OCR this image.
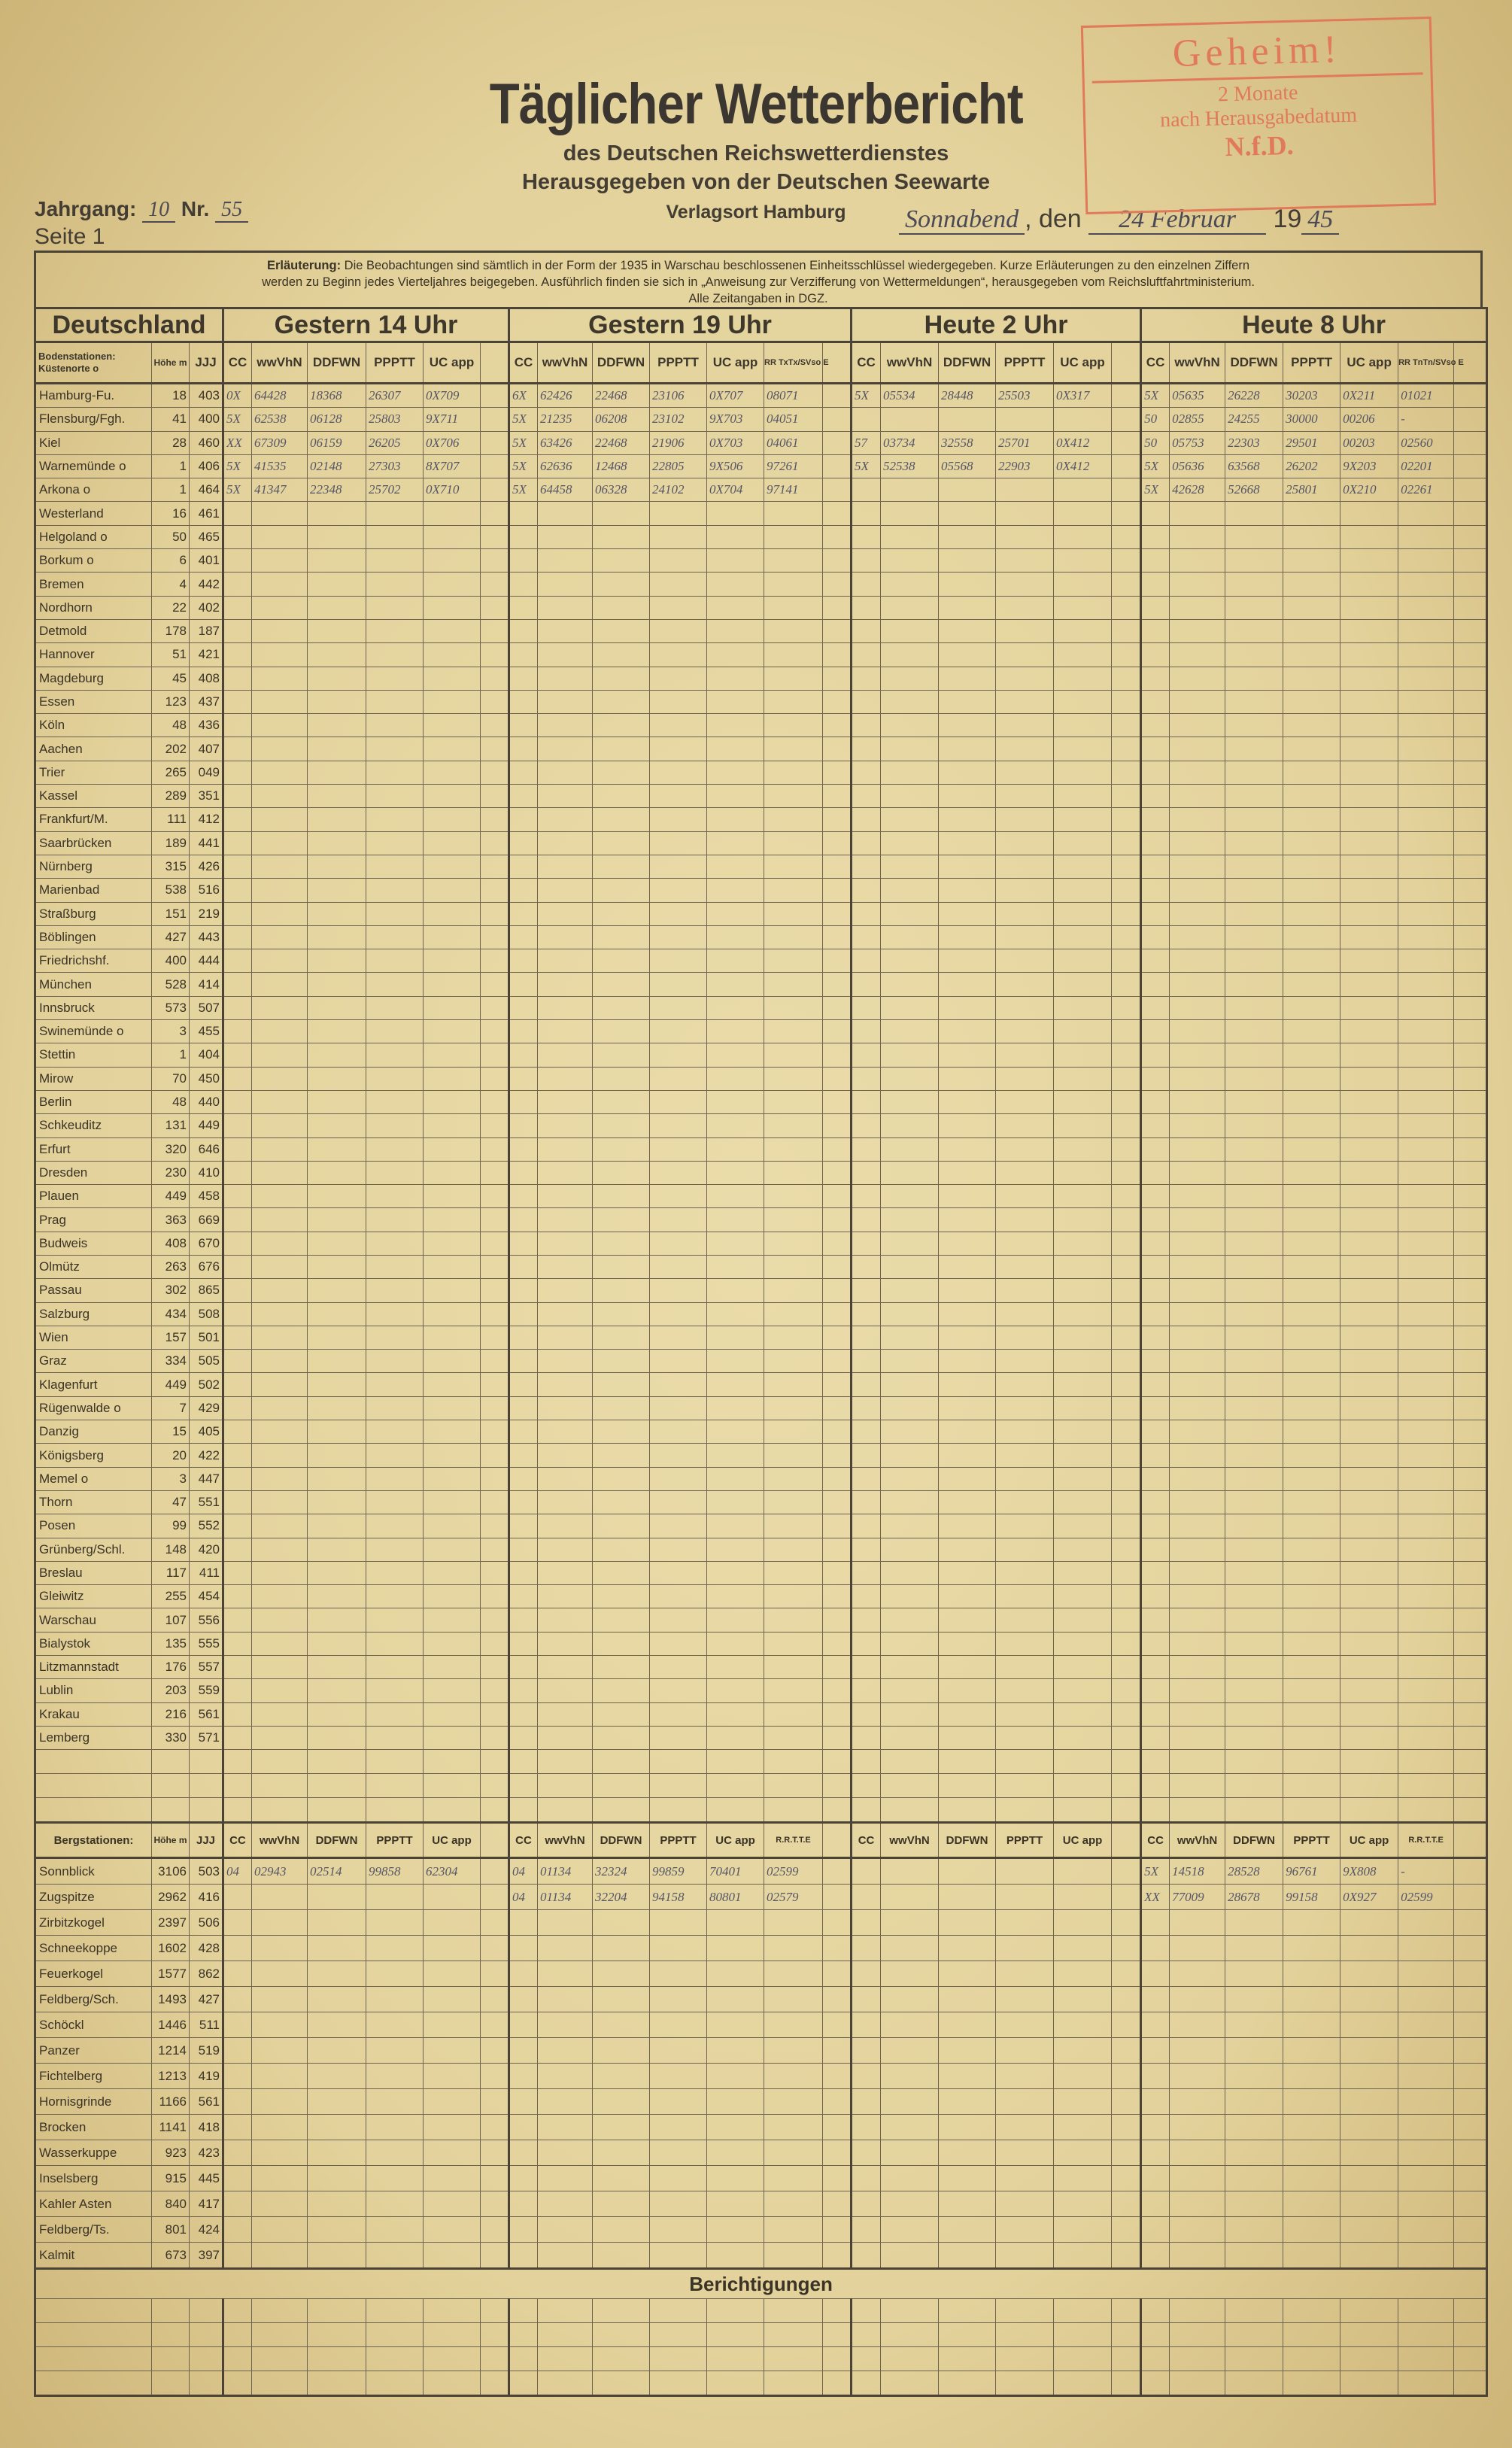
Täglicher Wetterbericht
des Deutschen Reichswetterdienstes
Herausgegeben von der Deutschen Seewarte
Verlagsort Hamburg
Jahrgang: 10 Nr. 55
Seite 1
Sonnabend , den 24 Februar 19 45
Geheim!
2 Monate
nach Herausgabedatum
N.f.D.
Erläuterung: Die Beobachtungen sind sämtlich in der Form der 1935 in Warschau beschlossenen Einheitsschlüssel wiedergegeben. Kurze Erläuterungen zu den einzelnen Ziffern
werden zu Beginn jedes Vierteljahres beigegeben. Ausführlich finden sie sich in „Anweisung zur Verzifferung von Wettermeldungen“, herausgegeben vom Reichsluftfahrtministerium.
Alle Zeitangaben in DGZ.
Deutschland			Gestern 14 Uhr						Gestern 19 Uhr							Heute 2 Uhr						Heute 8 Uhr						
Bodenstationen:
Küstenorte o	Höhe m	JJJ	CC	wwVhN	DDFWN	PPPTT	UC app		CC	wwVhN	DDFWN	PPPTT	UC app	RR TxTx/SVso E		CC	wwVhN	DDFWN	PPPTT	UC app		CC	wwVhN	DDFWN	PPPTT	UC app	RR TnTn/SVso E	
Hamburg-Fu.	18	403	0X	64428	18368	26307	0X709		6X	62426	22468	23106	0X707	08071		5X	05534	28448	25503	0X317		5X	05635	26228	30203	0X211	01021	
Flensburg/Fgh.	41	400	5X	62538	06128	25803	9X711		5X	21235	06208	23102	9X703	04051								50	02855	24255	30000	00206	-	
Kiel	28	460	XX	67309	06159	26205	0X706		5X	63426	22468	21906	0X703	04061		57	03734	32558	25701	0X412		50	05753	22303	29501	00203	02560	
Warnemünde o	1	406	5X	41535	02148	27303	8X707		5X	62636	12468	22805	9X506	97261		5X	52538	05568	22903	0X412		5X	05636	63568	26202	9X203	02201	
Arkona o	1	464	5X	41347	22348	25702	0X710		5X	64458	06328	24102	0X704	97141								5X	42628	52668	25801	0X210	02261	
Westerland	16	461																										
Helgoland o	50	465																										
Borkum o	6	401																										
Bremen	4	442																										
Nordhorn	22	402																										
Detmold	178	187																										
Hannover	51	421																										
Magdeburg	45	408																										
Essen	123	437																										
Köln	48	436																										
Aachen	202	407																										
Trier	265	049																										
Kassel	289	351																										
Frankfurt/M.	111	412																										
Saarbrücken	189	441																										
Nürnberg	315	426																										
Marienbad	538	516																										
Straßburg	151	219																										
Böblingen	427	443																										
Friedrichshf.	400	444																										
München	528	414																										
Innsbruck	573	507																										
Swinemünde o	3	455																										
Stettin	1	404																										
Mirow	70	450																										
Berlin	48	440																										
Schkeuditz	131	449																										
Erfurt	320	646																										
Dresden	230	410																										
Plauen	449	458																										
Prag	363	669																										
Budweis	408	670																										
Olmütz	263	676																										
Passau	302	865																										
Salzburg	434	508																										
Wien	157	501																										
Graz	334	505																										
Klagenfurt	449	502																										
Rügenwalde o	7	429																										
Danzig	15	405																										
Königsberg	20	422																										
Memel o	3	447																										
Thorn	47	551																										
Posen	99	552																										
Grünberg/Schl.	148	420																										
Breslau	117	411																										
Gleiwitz	255	454																										
Warschau	107	556																										
Bialystok	135	555																										
Litzmannstadt	176	557																										
Lublin	203	559																										
Krakau	216	561																										
Lemberg	330	571																										

Bergstationen:	Höhe m	JJJ	CC	wwVhN	DDFWN	PPPTT	UC app		CC	wwVhN	DDFWN	PPPTT	UC app	R.R.T.T.E		CC	wwVhN	DDFWN	PPPTT	UC app		CC	wwVhN	DDFWN	PPPTT	UC app	R.R.T.T.E	
Sonnblick	3106	503	04	02943	02514	99858	62304		04	01134	32324	99859	70401	02599								5X	14518	28528	96761	9X808	-	
Zugspitze	2962	416							04	01134	32204	94158	80801	02579								XX	77009	28678	99158	0X927	02599	
Zirbitzkogel	2397	506																										
Schneekoppe	1602	428																										
Feuerkogel	1577	862																										
Feldberg/Sch.	1493	427																										
Schöckl	1446	511																										
Panzer	1214	519																										
Fichtelberg	1213	419																										
Hornisgrinde	1166	561																										
Brocken	1141	418																										
Wasserkuppe	923	423																										
Inselsberg	915	445																										
Kahler Asten	840	417																										
Feldberg/Ts.	801	424																										
Kalmit	673	397																										
Berichtigungen																												
